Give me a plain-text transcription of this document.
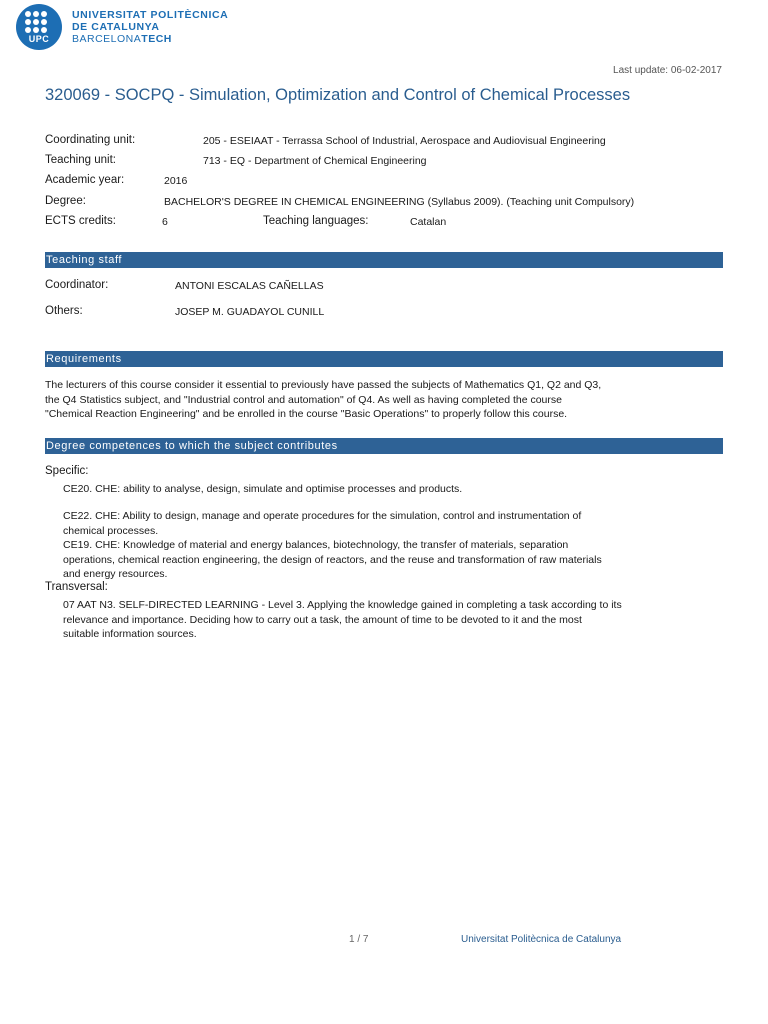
UPC
UNIVERSITAT POLITÈCNICA
DE CATALUNYA
BARCELONATECH
Last update: 06-02-2017
320069 - SOCPQ - Simulation, Optimization and Control of Chemical Processes
Coordinating unit:	205 - ESEIAAT - Terrassa School of Industrial, Aerospace and Audiovisual Engineering
Teaching unit:	713 - EQ - Department of Chemical Engineering
Academic year:	2016
Degree:	BACHELOR'S DEGREE IN CHEMICAL ENGINEERING (Syllabus 2009). (Teaching unit Compulsory)
ECTS credits:	6	Teaching languages:	Catalan
Teaching staff
Coordinator:	ANTONI ESCALAS CAÑELLAS
Others:	JOSEP M. GUADAYOL CUNILL
Requirements
The lecturers of this course consider it essential to previously have passed the subjects of Mathematics Q1, Q2 and Q3,
the Q4 Statistics subject, and "Industrial control and automation" of Q4. As well as having completed the course
"Chemical Reaction Engineering" and be enrolled in the course "Basic Operations" to properly follow this course.
Degree competences to which the subject contributes
Specific:
CE20. CHE: ability to analyse, design, simulate and optimise processes and products.
CE22. CHE: Ability to design, manage and operate procedures for the simulation, control and instrumentation of
chemical processes.
CE19. CHE: Knowledge of material and energy balances, biotechnology, the transfer of materials, separation
operations, chemical reaction engineering, the design of reactors, and the reuse and transformation of raw materials
and energy resources.
Transversal:
07 AAT N3. SELF-DIRECTED LEARNING - Level 3. Applying the knowledge gained in completing a task according to its
relevance and importance. Deciding how to carry out a task, the amount of time to be devoted to it and the most
suitable information sources.
1 / 7	Universitat Politècnica de Catalunya
